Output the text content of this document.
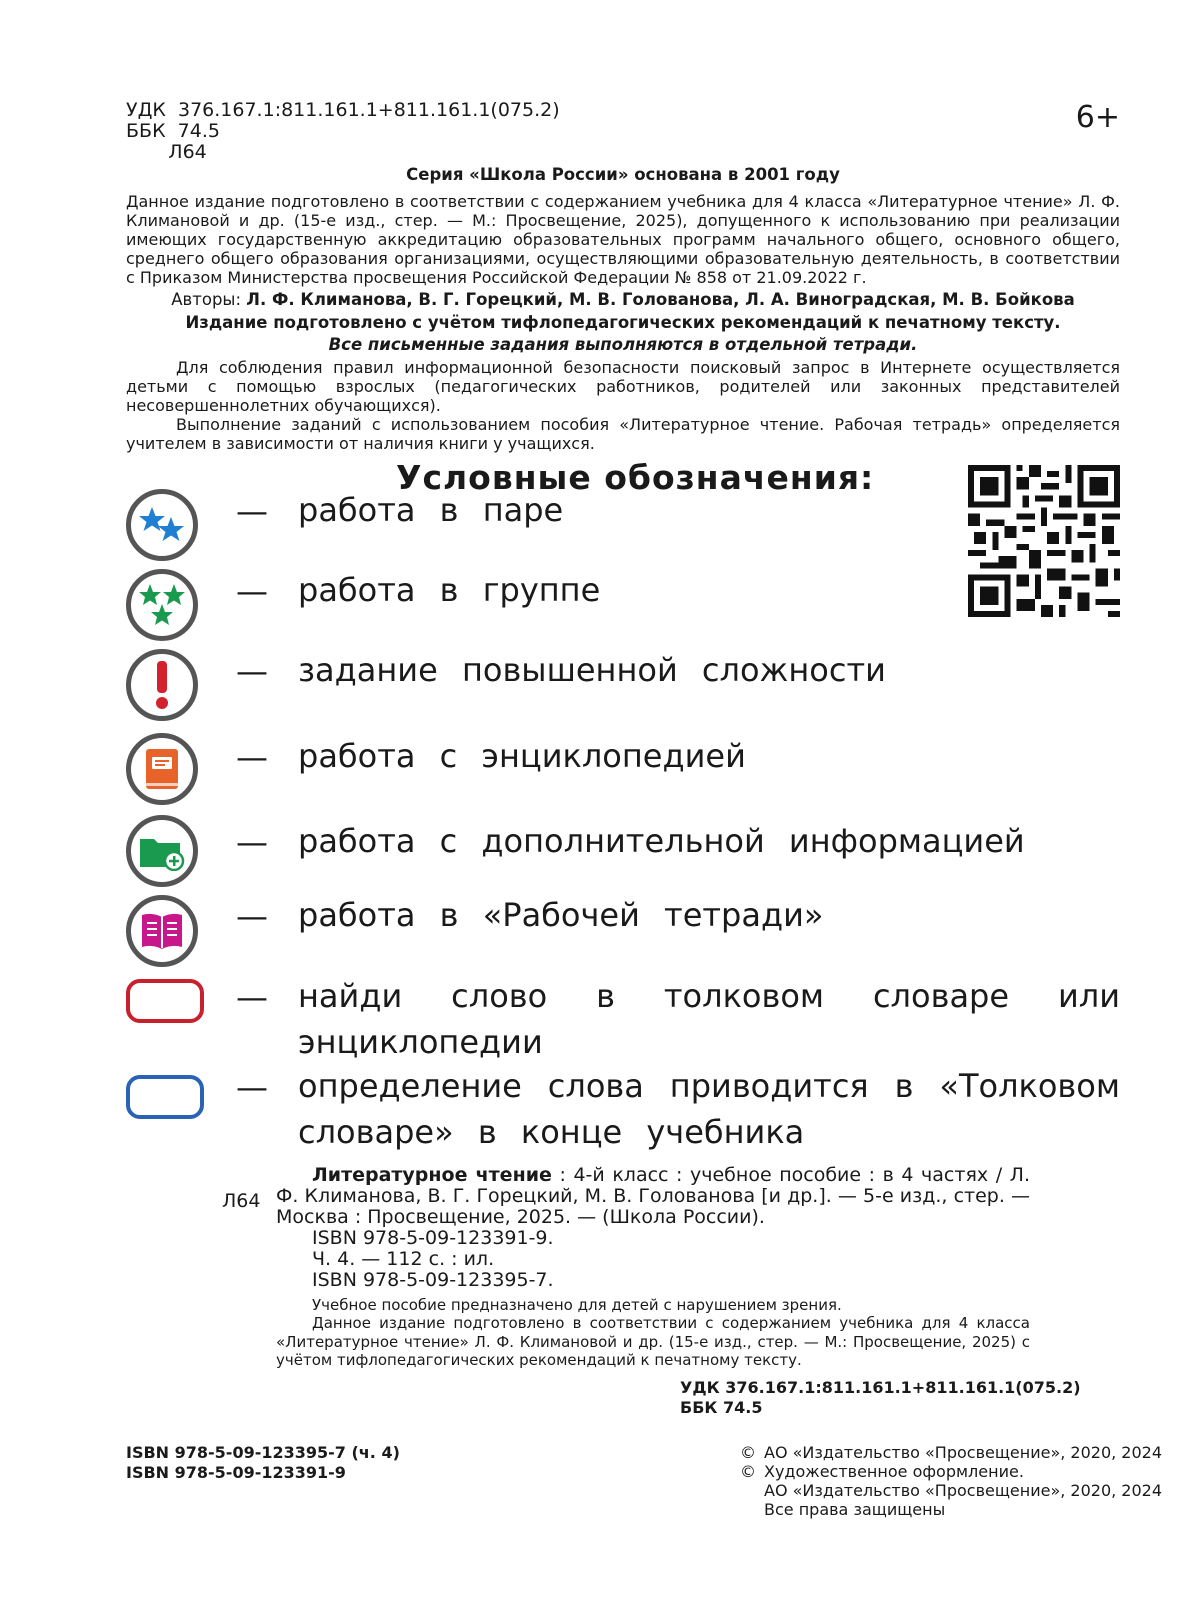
УДК  376.167.1:811.161.1+811.161.1(075.2)
ББК  74.5
Л64
6+
Серия «Школа России» основана в 2001 году

Данное издание подготовлено в соответствии с содержанием учебника для 4 класса «Литературное чтение» Л. Ф. Климановой и др. (15-е изд., стер. — М.: Просвещение, 2025), допущенного к использованию при реализации имеющих государственную аккредитацию образовательных программ начального общего, основного общего, среднего общего образования организациями, осуществляющими образовательную деятельность, в соответствии с Приказом Министерства просвещения Российской Федерации № 858 от 21.09.2022 г.

Авторы: Л. Ф. Климанова, В. Г. Горецкий, М. В. Голованова, Л. А. Виноградская, М. В. Бойкова
Издание подготовлено с учётом тифлопедагогических рекомендаций к печатному тексту.
Все письменные задания выполняются в отдельной тетради.

Для соблюдения правил информационной безопасности поисковый запрос в Интернете осуществляется детьми с помощью взрослых (педагогических работников, родителей или законных представителей несовершеннолетних обучающихся).

Выполнение заданий с использованием пособия «Литературное чтение. Рабочая тетрадь» определяется учителем в зависимости от наличия книги у учащихся.

Условные обозначения:
— работа в паре
— работа в группе
— задание повышенной сложности
— работа с энциклопедией
— работа с дополнительной информацией
— работа в «Рабочей тетради»
— найди слово в толковом словаре или энциклопедии
— определение слова приводится в «Толковом словаре» в конце учебника
Л64
Литературное чтение : 4-й класс : учебное пособие : в 4 частях / Л. Ф. Климанова, В. Г. Горецкий, М. В. Голованова [и др.]. — 5-е изд., стер. — Москва : Просвещение, 2025. — (Школа России).
ISBN 978-5-09-123391-9.
Ч. 4. — 112 с. : ил.
ISBN 978-5-09-123395-7.
Учебное пособие предназначено для детей с нарушением зрения.
Данное издание подготовлено в соответствии с содержанием учебника для 4 класса «Литературное чтение» Л. Ф. Климановой и др. (15-е изд., стер. — М.: Просвещение, 2025) с учётом тифлопедагогических рекомендаций к печатному тексту.
УДК 376.167.1:811.161.1+811.161.1(075.2)
ББК 74.5
ISBN 978-5-09-123395-7 (ч. 4)
ISBN 978-5-09-123391-9
© АО «Издательство «Просвещение», 2020, 2024
© Художественное оформление.
АО «Издательство «Просвещение», 2020, 2024
Все права защищены
